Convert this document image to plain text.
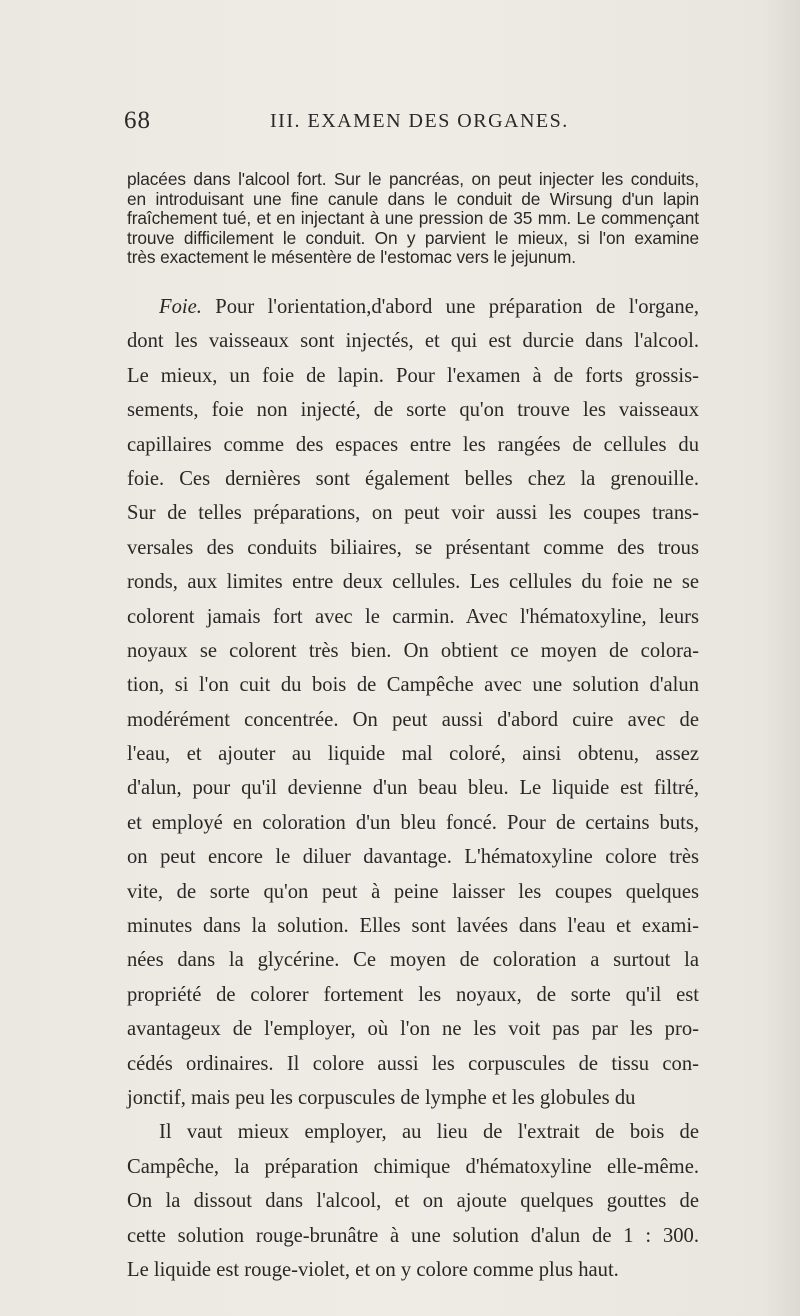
68	III. EXAMEN DES ORGANES.
placées dans l'alcool fort. Sur le pancréas, on peut injecter les conduits,
en introduisant une fine canule dans le conduit de Wirsung d'un lapin
fraîchement tué, et en injectant à une pression de 35 mm. Le commençant
trouve difficilement le conduit. On y parvient le mieux, si l'on examine
très exactement le mésentère de l'estomac vers le jejunum.
Foie. Pour l'orientation,d'abord une préparation de l'organe,
dont les vaisseaux sont injectés, et qui est durcie dans l'alcool.
Le mieux, un foie de lapin. Pour l'examen à de forts grossis-
sements, foie non injecté, de sorte qu'on trouve les vaisseaux
capillaires comme des espaces entre les rangées de cellules du
foie. Ces dernières sont également belles chez la grenouille.
Sur de telles préparations, on peut voir aussi les coupes trans-
versales des conduits biliaires, se présentant comme des trous
ronds, aux limites entre deux cellules. Les cellules du foie ne se
colorent jamais fort avec le carmin. Avec l'hématoxyline, leurs
noyaux se colorent très bien. On obtient ce moyen de colora-
tion, si l'on cuit du bois de Campêche avec une solution d'alun
modérément concentrée. On peut aussi d'abord cuire avec de
l'eau, et ajouter au liquide mal coloré, ainsi obtenu, assez
d'alun, pour qu'il devienne d'un beau bleu. Le liquide est filtré,
et employé en coloration d'un bleu foncé. Pour de certains buts,
on peut encore le diluer davantage. L'hématoxyline colore très
vite, de sorte qu'on peut à peine laisser les coupes quelques
minutes dans la solution. Elles sont lavées dans l'eau et exami-
nées dans la glycérine. Ce moyen de coloration a surtout la
propriété de colorer fortement les noyaux, de sorte qu'il est
avantageux de l'employer, où l'on ne les voit pas par les pro-
cédés ordinaires. Il colore aussi les corpuscules de tissu con-
jonctif, mais peu les corpuscules de lymphe et les globules du
Il vaut mieux employer, au lieu de l'extrait de bois de
Campêche, la préparation chimique d'hématoxyline elle-même.
On la dissout dans l'alcool, et on ajoute quelques gouttes de
cette solution rouge-brunâtre à une solution d'alun de 1 : 300.
Le liquide est rouge-violet, et on y colore comme plus haut.
